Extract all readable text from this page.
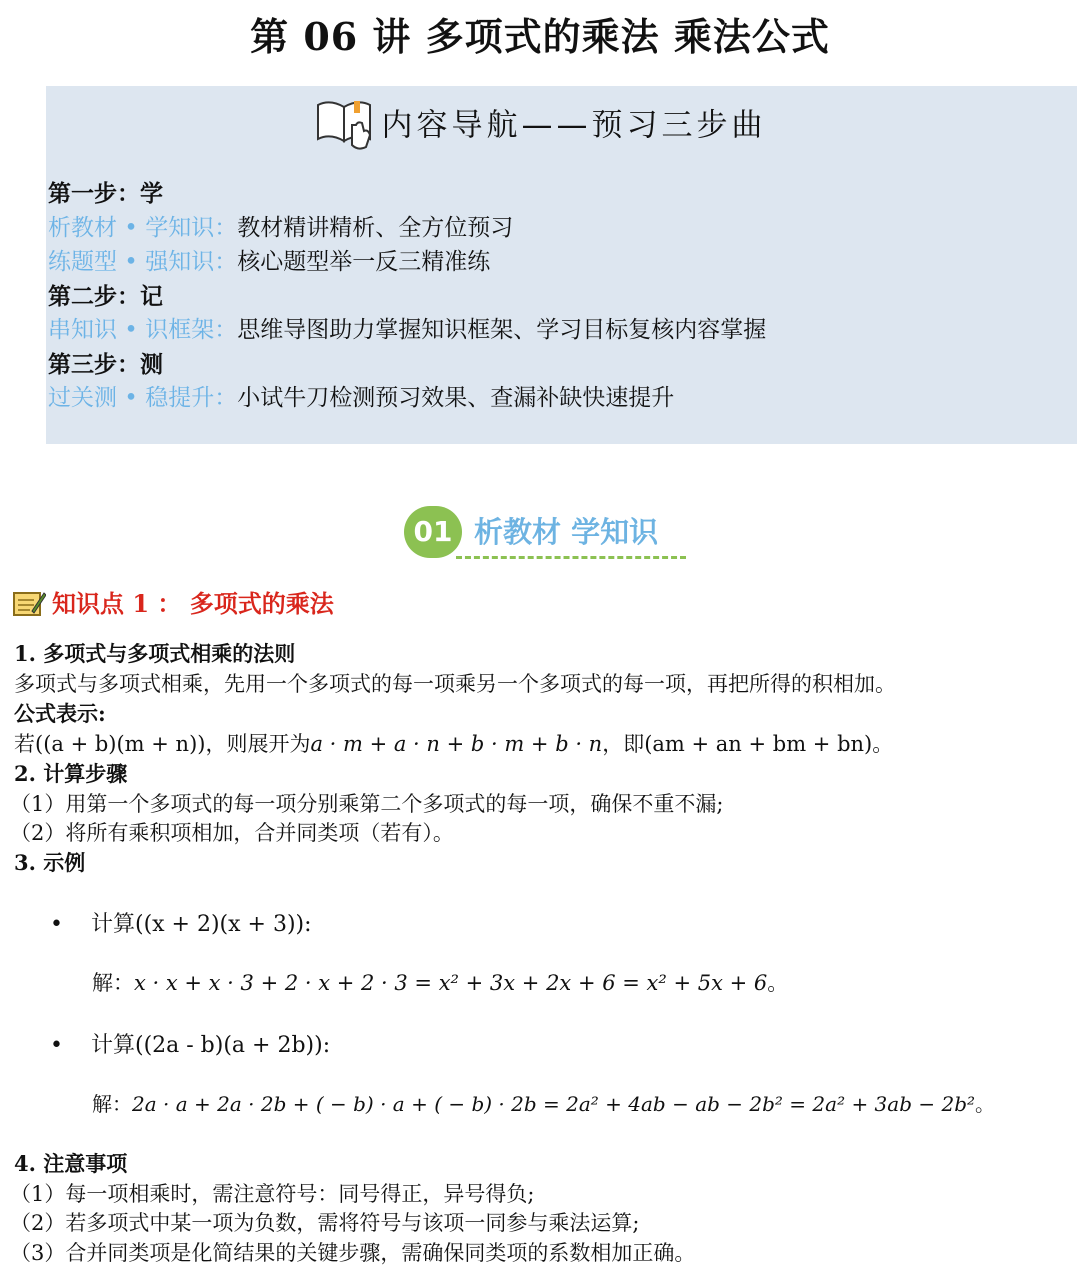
第 06 讲 多项式的乘法 乘法公式
内容导航——预习三步曲
第一步：学
析教材 • 学知识：教材精讲精析、全方位预习
练题型 • 强知识：核心题型举一反三精准练
第二步：记
串知识 • 识框架：思维导图助力掌握知识框架、学习目标复核内容掌握
第三步：测
过关测 • 稳提升：小试牛刀检测预习效果、查漏补缺快速提升
01 析教材 学知识
知识点 1 ： 多项式的乘法
1. 多项式与多项式相乘的法则
多项式与多项式相乘，先用一个多项式的每一项乘另一个多项式的每一项，再把所得的积相加。
公式表示:
若((a + b)(m + n))，则展开为a · m + a · n + b · m + b · n，即(am + an + bm + bn)。
2. 计算步骤
（1）用第一个多项式的每一项分别乘第二个多项式的每一项，确保不重不漏;
（2）将所有乘积项相加，合并同类项（若有）。
3. 示例
• 计算((x + 2)(x + 3)):
解：x · x + x · 3 + 2 · x + 2 · 3 = x² + 3x + 2x + 6 = x² + 5x + 6。
• 计算((2a - b)(a + 2b)):
解：2a · a + 2a · 2b + ( − b) · a + ( − b) · 2b = 2a² + 4ab − ab − 2b² = 2a² + 3ab − 2b²。
4. 注意事项
（1）每一项相乘时，需注意符号：同号得正，异号得负;
（2）若多项式中某一项为负数，需将符号与该项一同参与乘法运算;
（3）合并同类项是化简结果的关键步骤，需确保同类项的系数相加正确。
